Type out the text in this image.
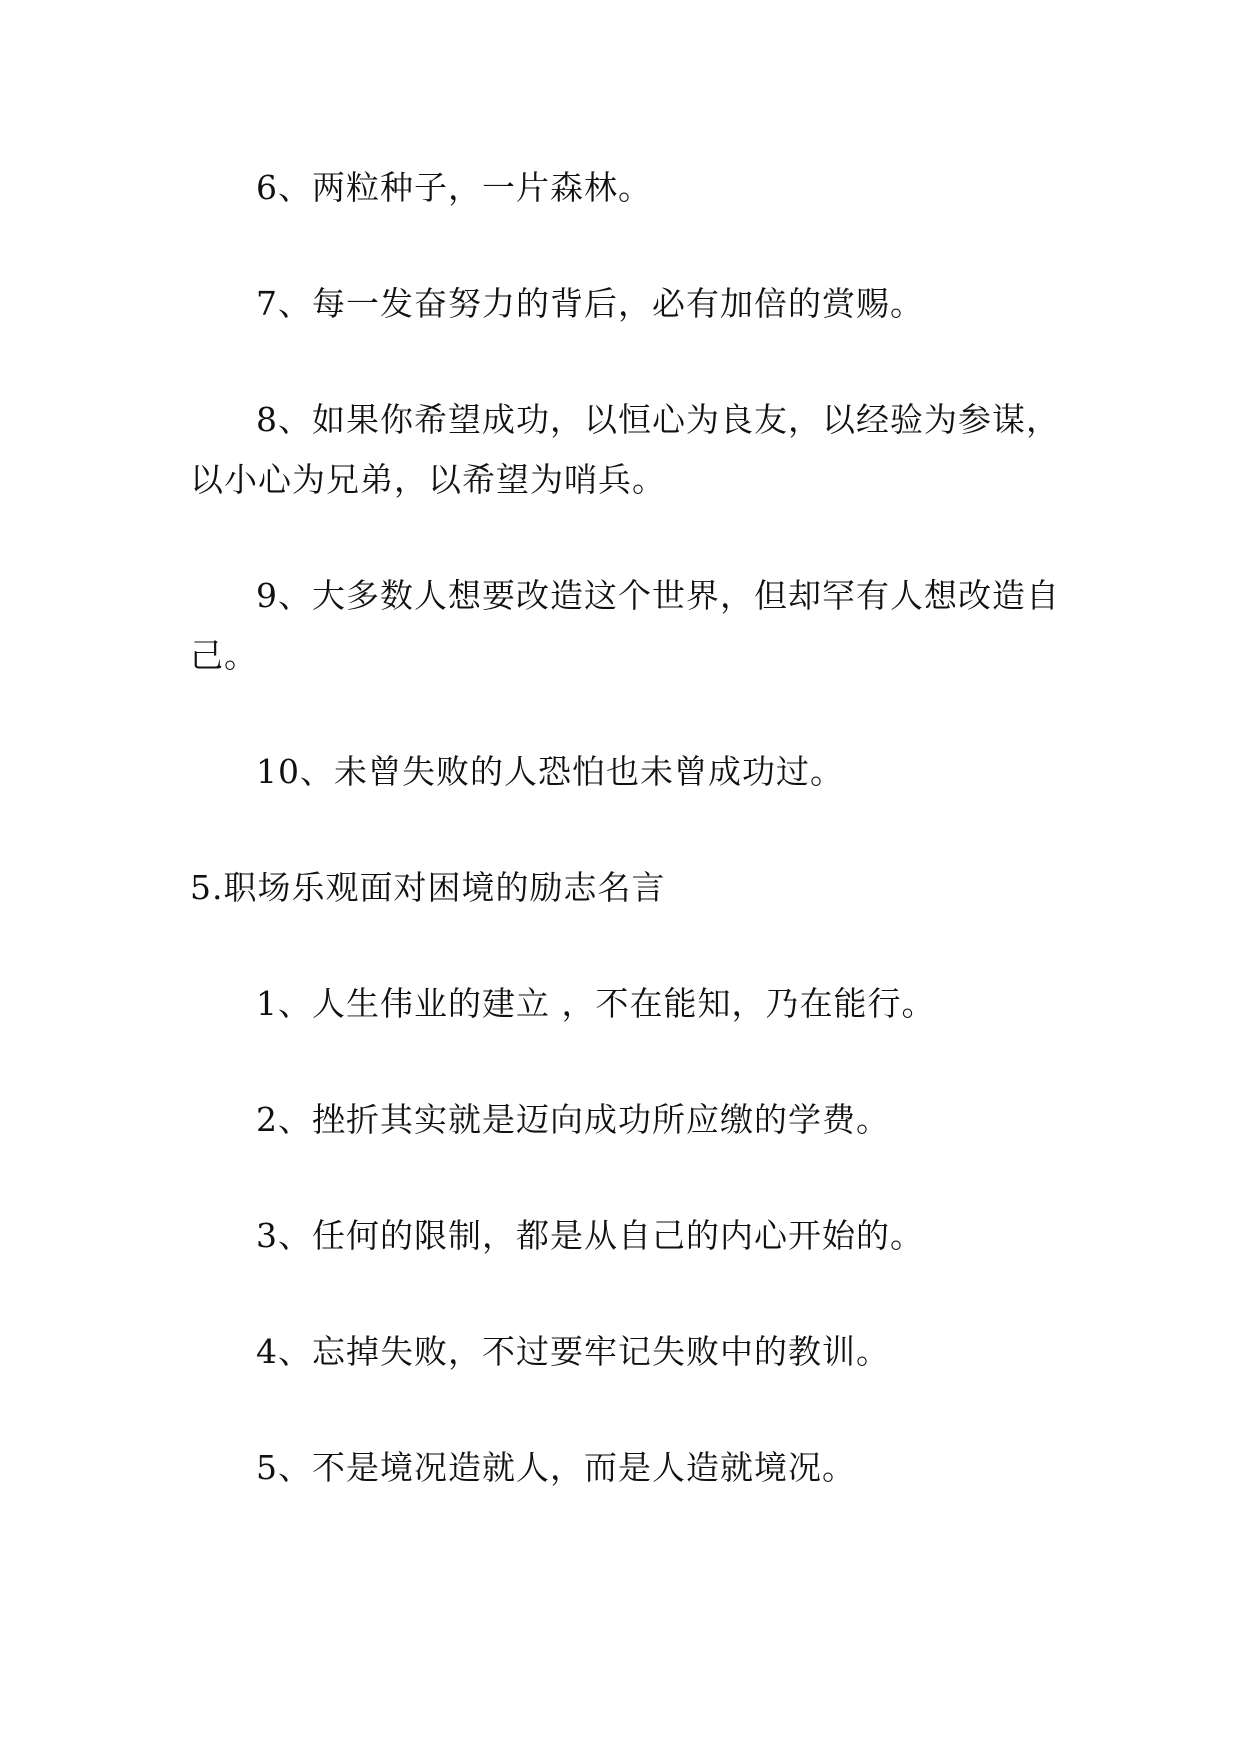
6、两粒种子，一片森林。

7、每一发奋努力的背后，必有加倍的赏赐。

8、如果你希望成功，以恒心为良友，以经验为参谋，以小心为兄弟，以希望为哨兵。

9、大多数人想要改造这个世界，但却罕有人想改造自己。

10、未曾失败的人恐怕也未曾成功过。

5.职场乐观面对困境的励志名言

1、人生伟业的建立 ，不在能知，乃在能行。

2、挫折其实就是迈向成功所应缴的学费。

3、任何的限制，都是从自己的内心开始的。

4、忘掉失败，不过要牢记失败中的教训。

5、不是境况造就人，而是人造就境况。
